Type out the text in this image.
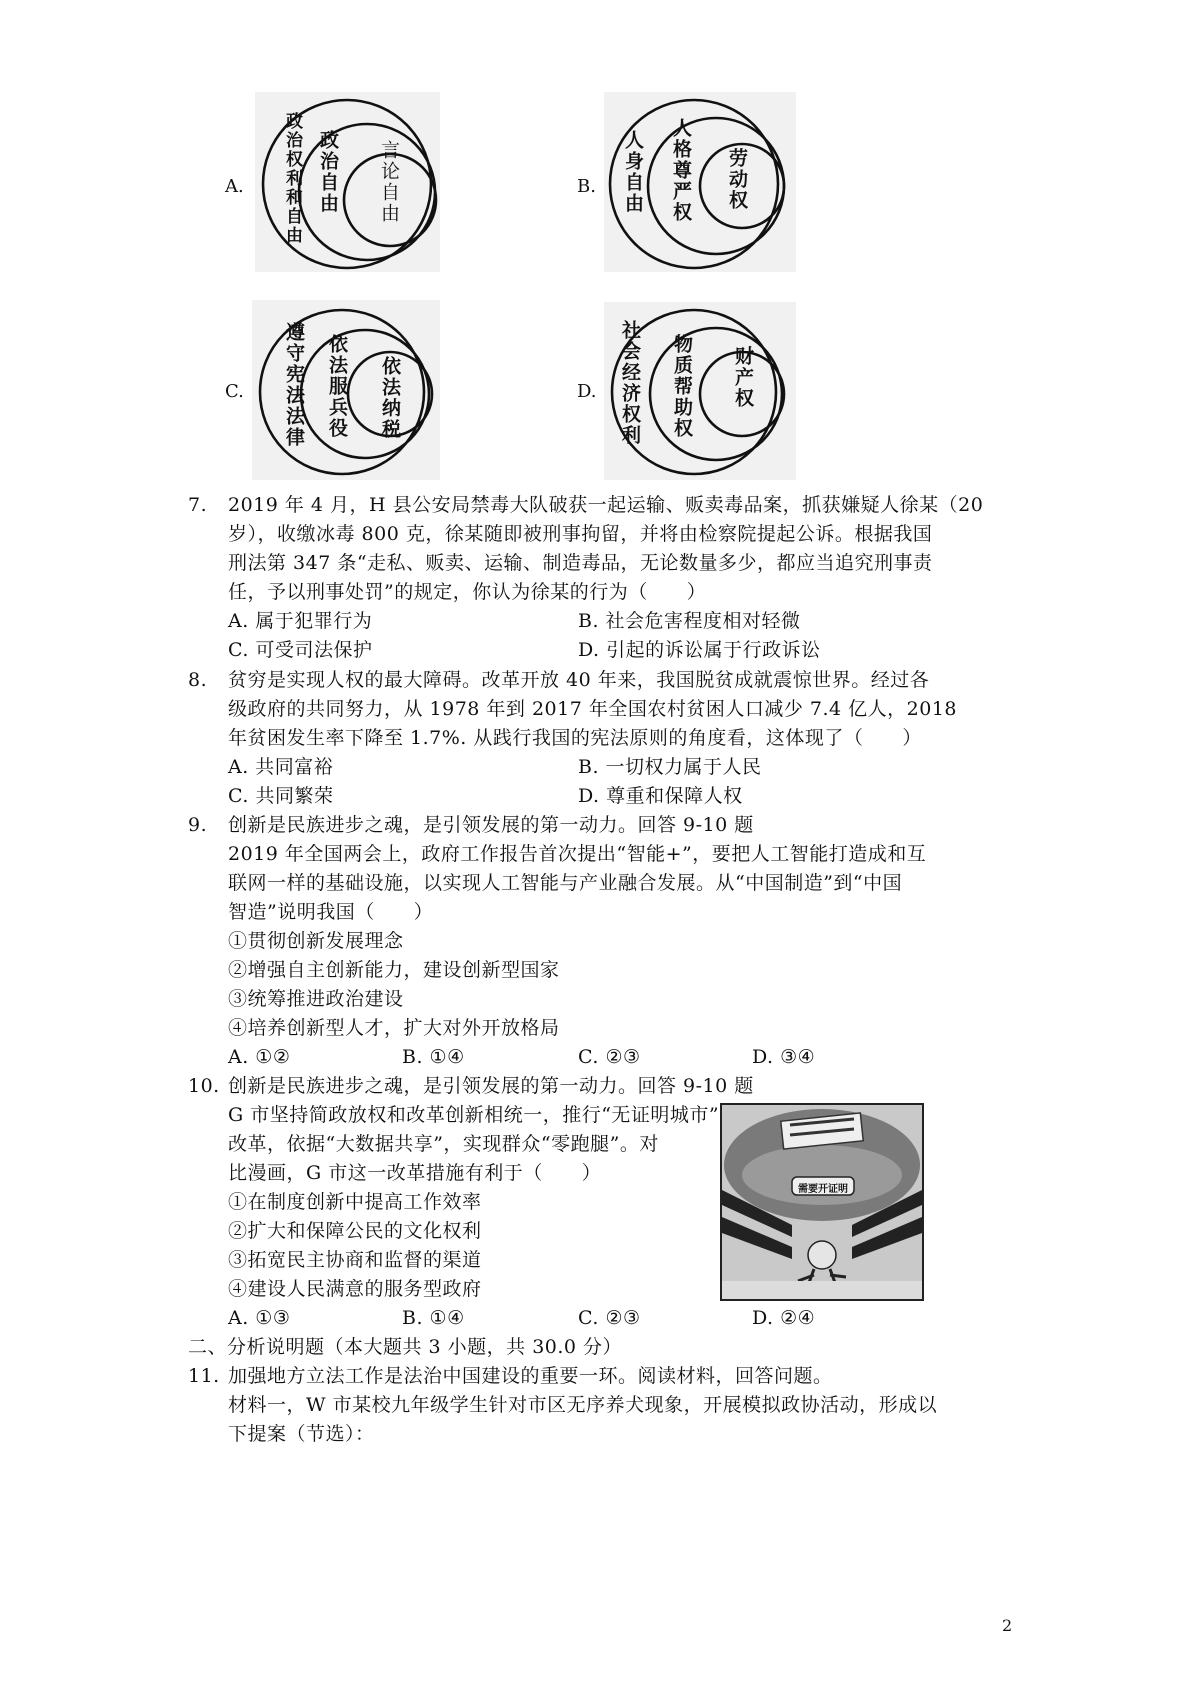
A. 政治权利和自由 政治自由 言论自由	B. 人身自由 人格尊严权 劳动权
C. 遵守宪法法律 依法服兵役 依法纳税	D. 社会经济权利 物质帮助权 财产权
7. 2019 年 4 月，H 县公安局禁毒大队破获一起运输、贩卖毒品案，抓获嫌疑人徐某（20
岁），收缴冰毒 800 克，徐某随即被刑事拘留，并将由检察院提起公诉。根据我国
刑法第 347 条“走私、贩卖、运输、制造毒品，无论数量多少，都应当追究刑事责
任，予以刑事处罚”的规定，你认为徐某的行为（　　）
A. 属于犯罪行为	B. 社会危害程度相对轻微
C. 可受司法保护	D. 引起的诉讼属于行政诉讼
8. 贫穷是实现人权的最大障碍。改革开放 40 年来，我国脱贫成就震惊世界。经过各
级政府的共同努力，从 1978 年到 2017 年全国农村贫困人口减少 7.4 亿人，2018
年贫困发生率下降至 1.7%. 从践行我国的宪法原则的角度看，这体现了（　　）
A. 共同富裕	B. 一切权力属于人民
C. 共同繁荣	D. 尊重和保障人权
9. 创新是民族进步之魂，是引领发展的第一动力。回答 9-10 题
2019 年全国两会上，政府工作报告首次提出“智能+”，要把人工智能打造成和互
联网一样的基础设施，以实现人工智能与产业融合发展。从“中国制造”到“中国
智造”说明我国（　　）
①贯彻创新发展理念
②增强自主创新能力，建设创新型国家
③统筹推进政治建设
④培养创新型人才，扩大对外开放格局
A. ①②	B. ①④	C. ②③	D. ③④
10. 创新是民族进步之魂，是引领发展的第一动力。回答 9-10 题
G 市坚持简政放权和改革创新相统一，推行“无证明城市”
改革，依据“大数据共享”，实现群众“零跑腿”。对
比漫画，G 市这一改革措施有利于（　　）
①在制度创新中提高工作效率
②扩大和保障公民的文化权利
③拓宽民主协商和监督的渠道
④建设人民满意的服务型政府
A. ①③	B. ①④	C. ②③	D. ②④
需要开证明
二、分析说明题（本大题共 3 小题，共 30.0 分）
11. 加强地方立法工作是法治中国建设的重要一环。阅读材料，回答问题。
材料一，W 市某校九年级学生针对市区无序养犬现象，开展模拟政协活动，形成以
下提案（节选）：
2
